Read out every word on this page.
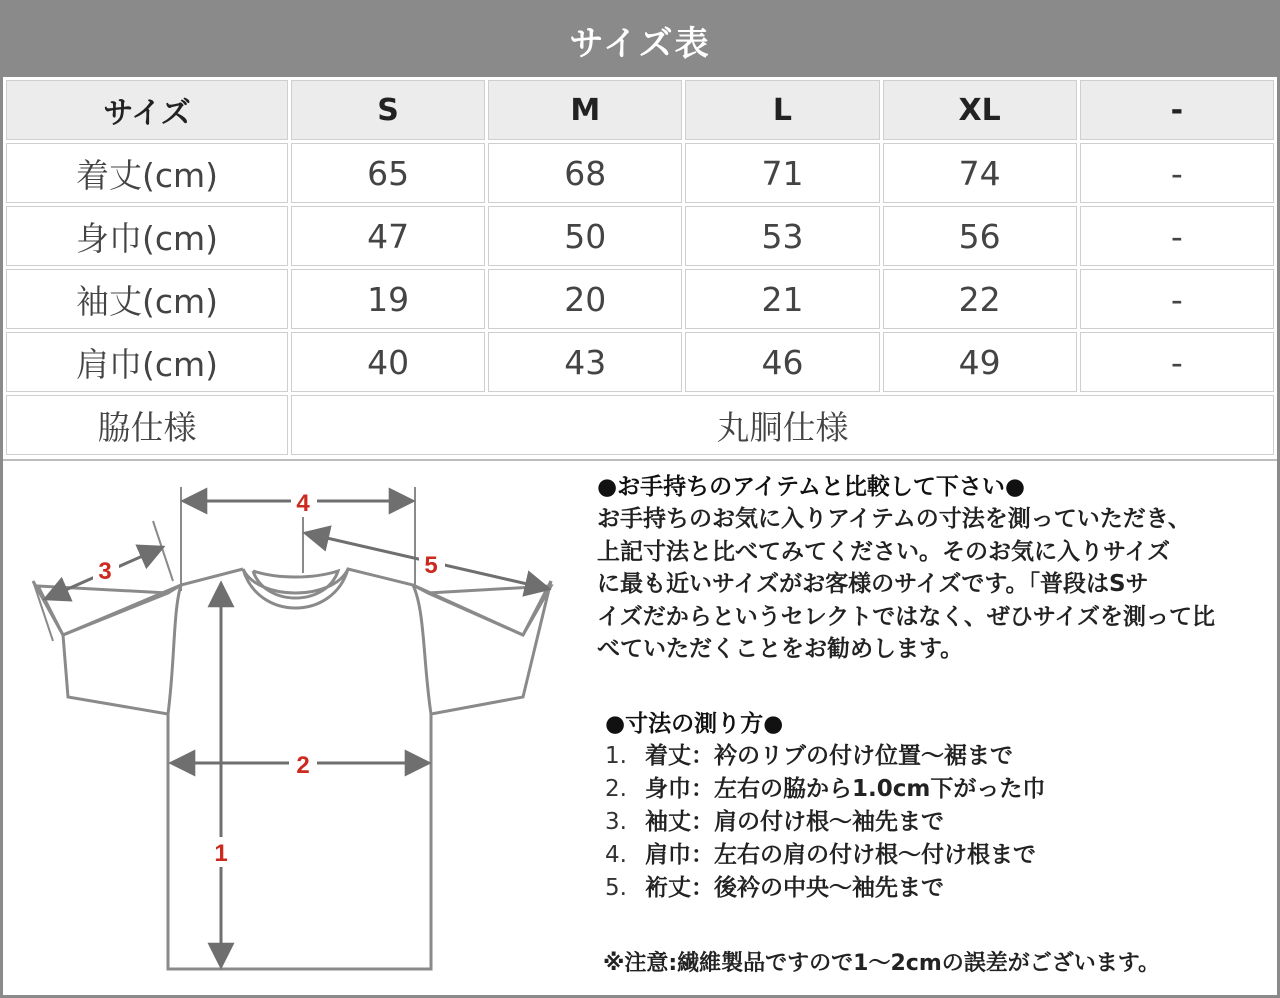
サイズ表
サイズ	S	M	L	XL	-
着丈(cm)	65	68	71	74	-
身巾(cm)	47	50	53	56	-
袖丈(cm)	19	20	21	22	-
肩巾(cm)	40	43	46	49	-
脇仕様	丸胴仕様				
1
2
3
4
5

●お手持ちのアイテムと比較して下さい●

お手持ちのお気に入りアイテムの寸法を測っていただき、

上記寸法と比べてみてください。そのお気に入りサイズ

に最も近いサイズがお客様のサイズです。「普段はSサ

イズだからというセレクトではなく、ぜひサイズを測って比

べていただくことをお勧めします。

●寸法の測り方●

1. 着丈：衿のリブの付け位置～裾まで
2. 身巾：左右の脇から1.0cm下がった巾
3. 袖丈：肩の付け根～袖先まで
4. 肩巾：左右の肩の付け根～付け根まで
5. 裄丈：後衿の中央～袖先まで
※注意:繊維製品ですので1～2cmの誤差がございます。
